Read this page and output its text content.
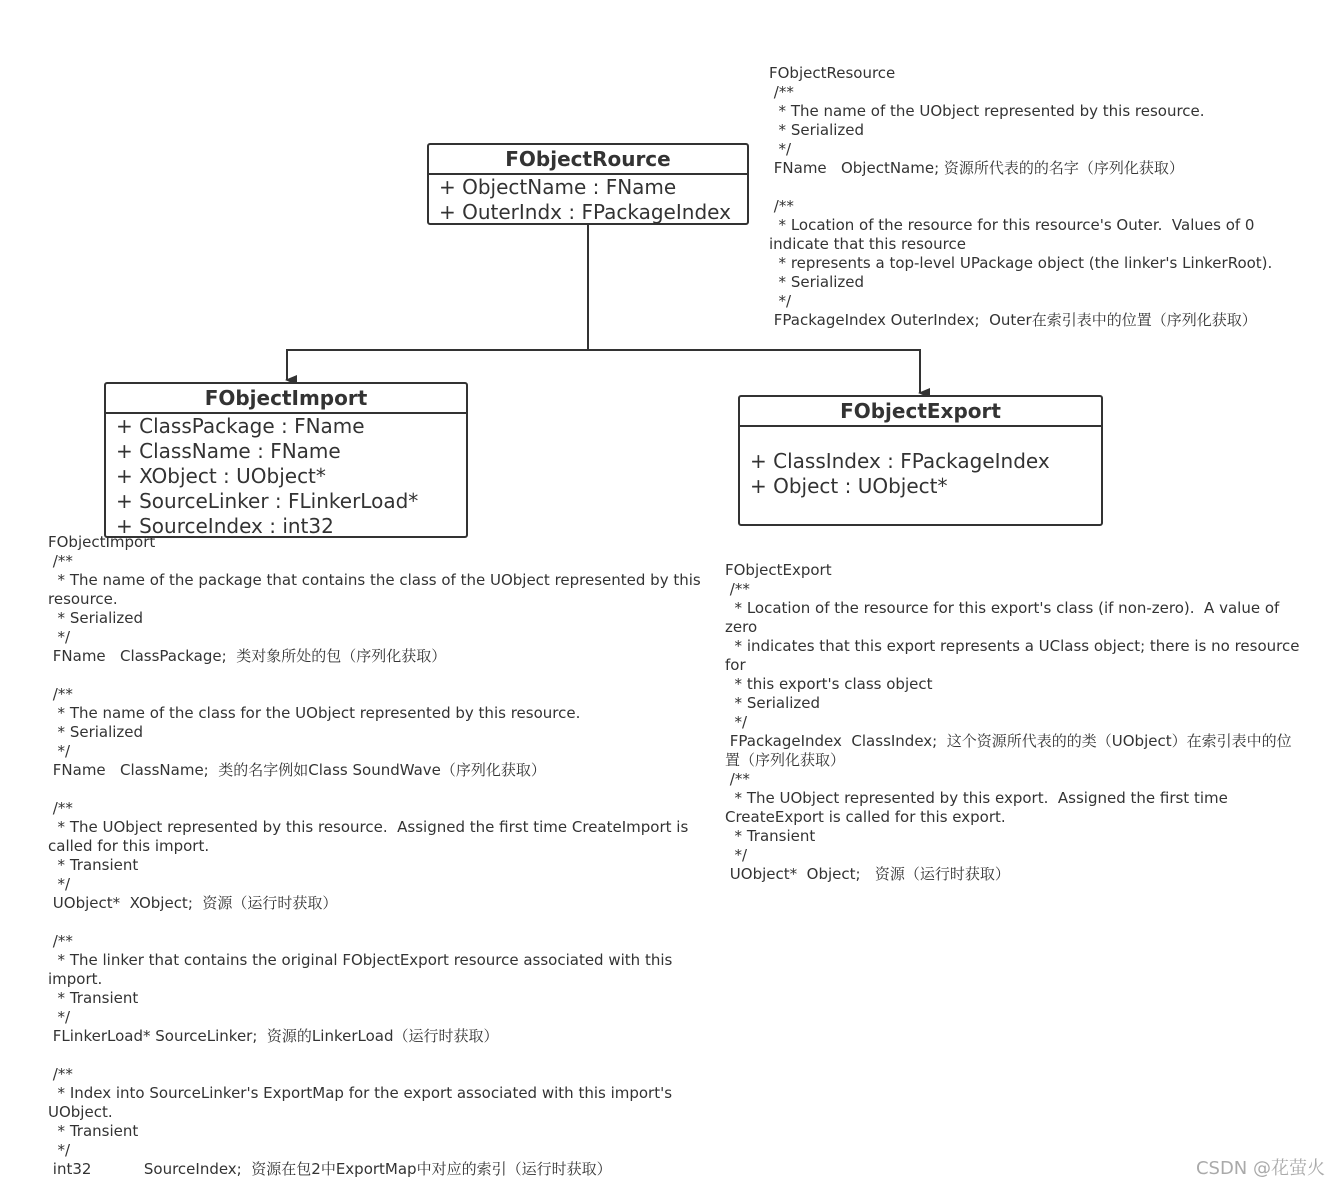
FObjectRource
+ ObjectName : FName
+ OuterIndx : FPackageIndex
FObjectImport
+ ClassPackage : FName
+ ClassName : FName
+ XObject : UObject*
+ SourceLinker : FLinkerLoad*
+ SourceIndex : int32
FObjectExport
+ ClassIndex : FPackageIndex
+ Object : UObject*
FObjectResource
/**
* The name of the UObject represented by this resource.
* Serialized
*/
FName   ObjectName; 资源所代表的的名字（序列化获取）

/**
* Location of the resource for this resource's Outer.  Values of 0
indicate that this resource
* represents a top-level UPackage object (the linker's LinkerRoot).
* Serialized
*/
FPackageIndex OuterIndex;  Outer在索引表中的位置（序列化获取）
FObjectImport
/**
* The name of the package that contains the class of the UObject represented by this
resource.
* Serialized
*/
FName   ClassPackage;  类对象所处的包（序列化获取）

/**
* The name of the class for the UObject represented by this resource.
* Serialized
*/
FName   ClassName;  类的名字例如Class SoundWave（序列化获取）

/**
* The UObject represented by this resource.  Assigned the first time CreateImport is
called for this import.
* Transient
*/
UObject*  XObject;  资源（运行时获取）

/**
* The linker that contains the original FObjectExport resource associated with this
import.
* Transient
*/
FLinkerLoad* SourceLinker;  资源的LinkerLoad（运行时获取）

/**
* Index into SourceLinker's ExportMap for the export associated with this import's
UObject.
* Transient
*/
int32           SourceIndex;  资源在包2中ExportMap中对应的索引（运行时获取）
FObjectExport
/**
* Location of the resource for this export's class (if non-zero).  A value of
zero
* indicates that this export represents a UClass object; there is no resource
for
* this export's class object
* Serialized
*/
FPackageIndex  ClassIndex;  这个资源所代表的的类（UObject）在索引表中的位
置（序列化获取）
/**
* The UObject represented by this export.  Assigned the first time
CreateExport is called for this export.
* Transient
*/
UObject*  Object;   资源（运行时获取）
CSDN @花萤火
